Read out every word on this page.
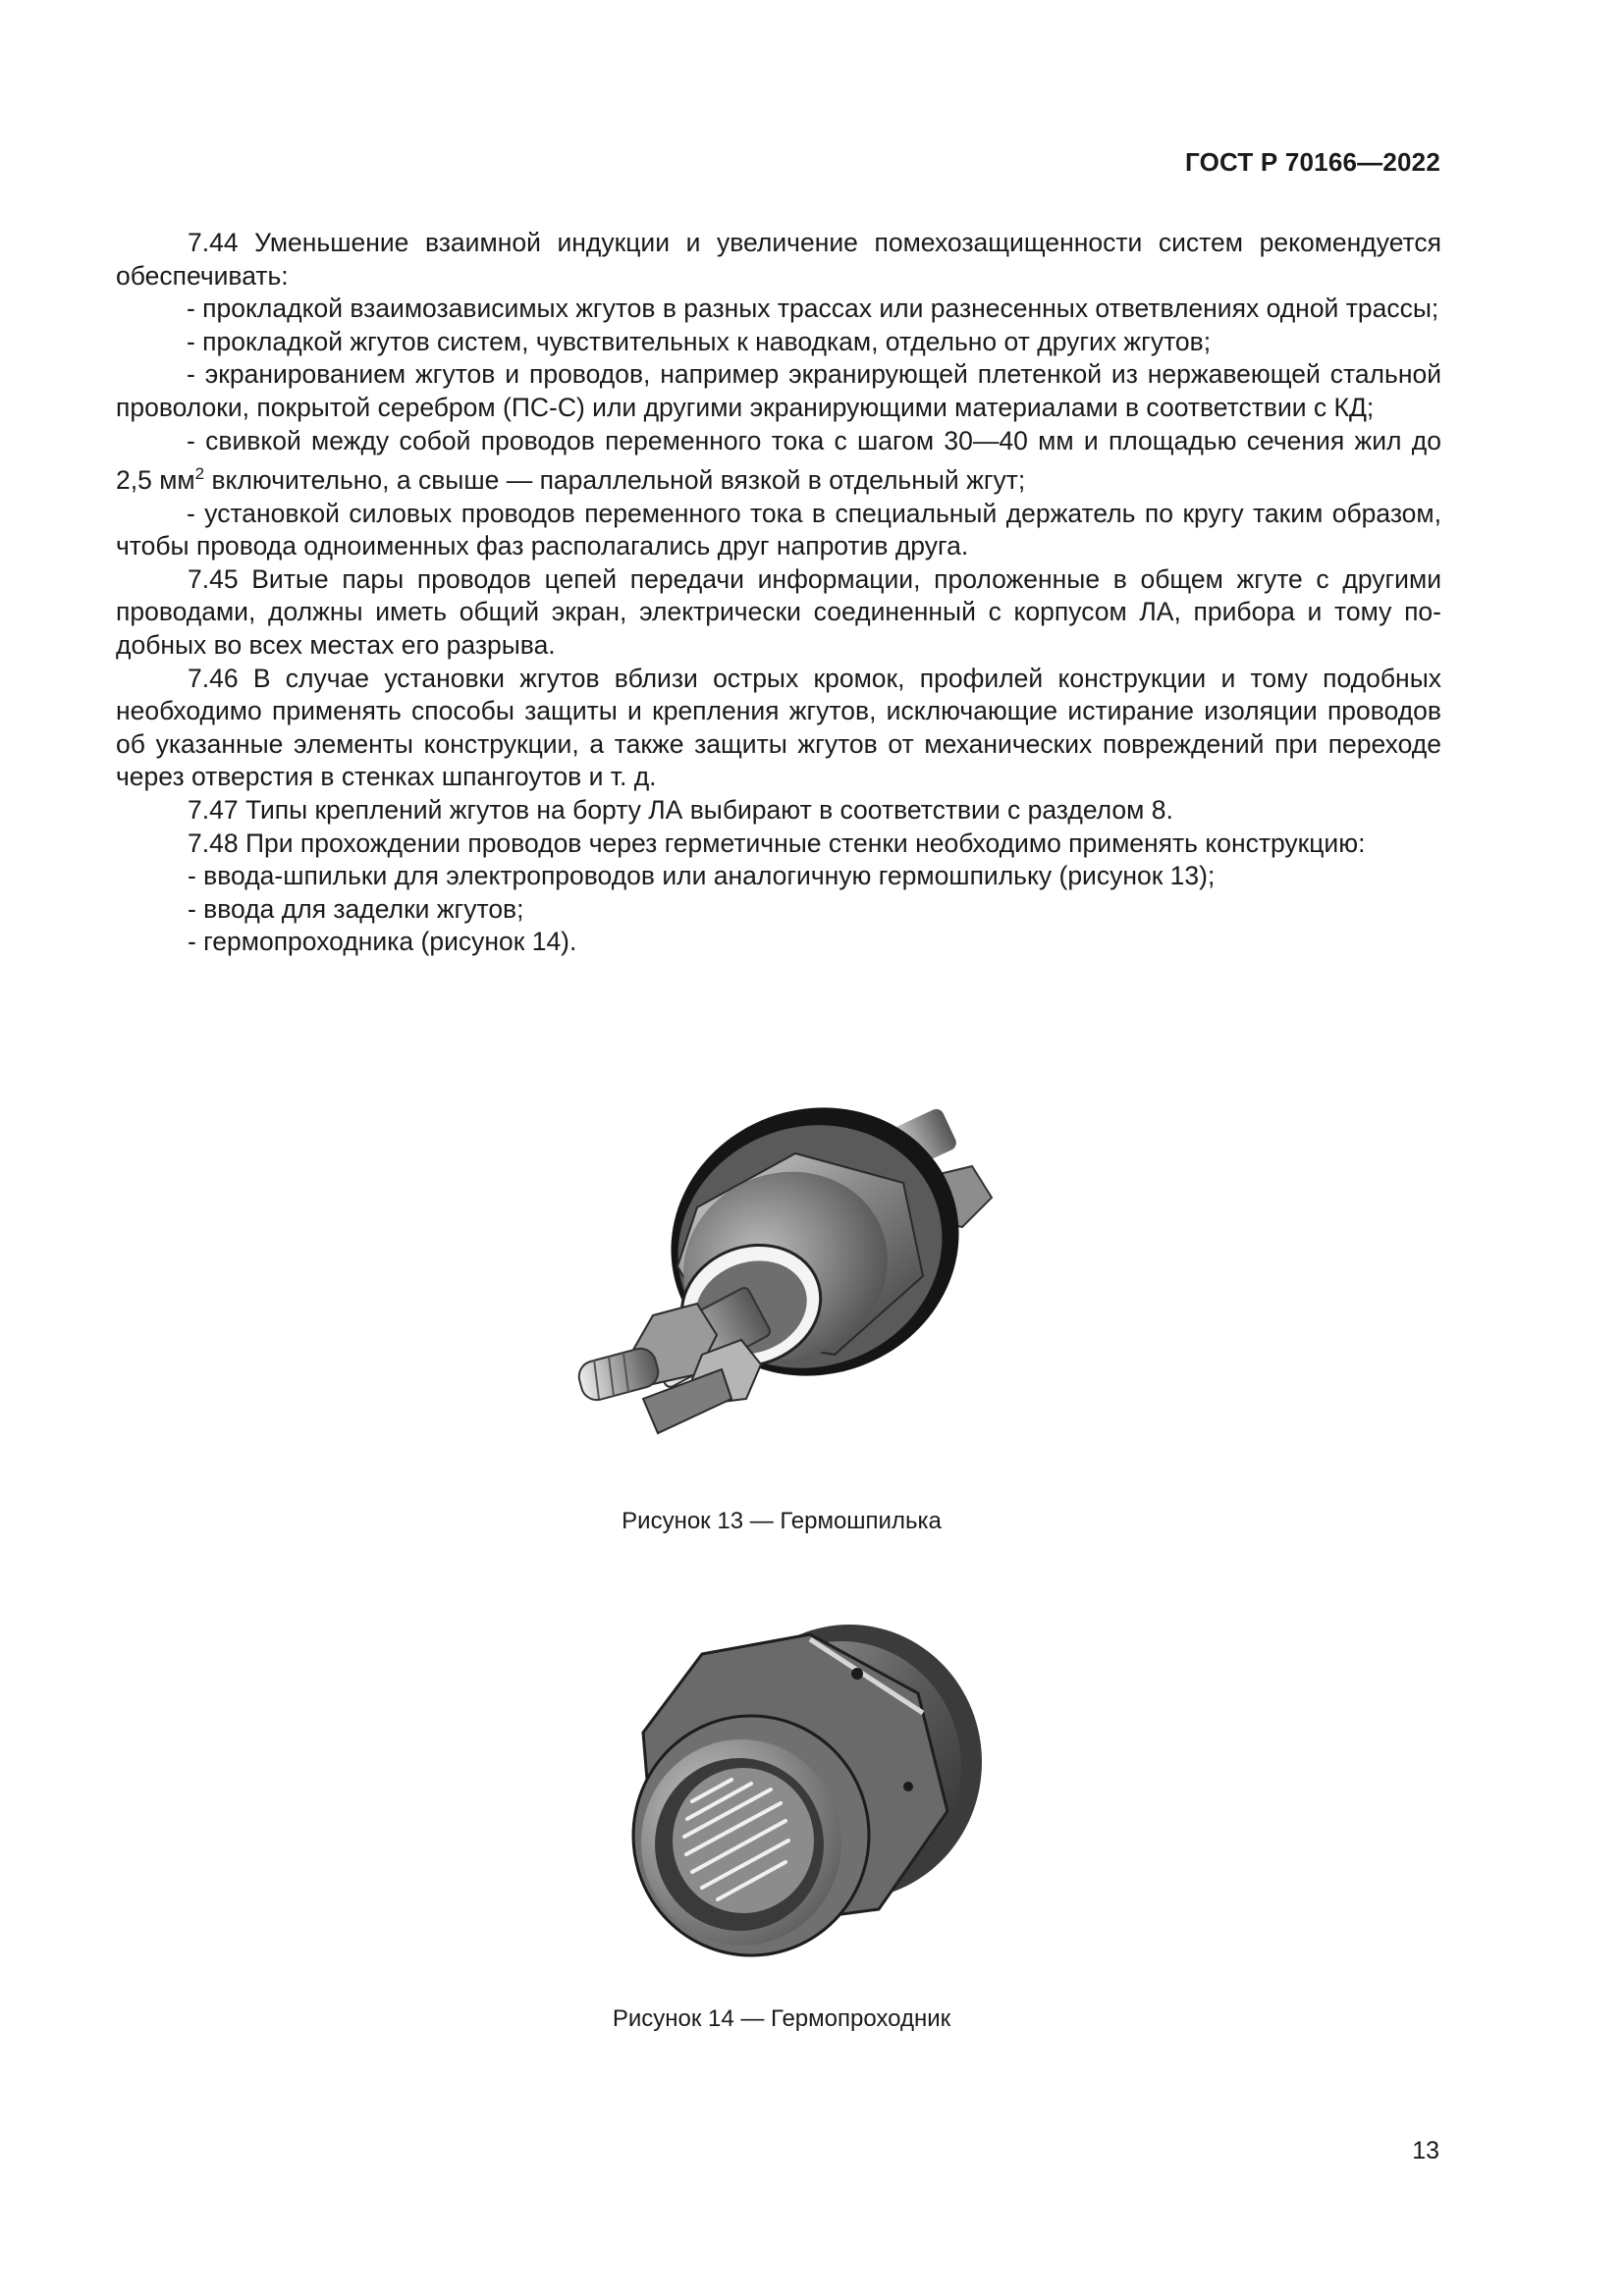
ГОСТ Р 70166—2022

7.44 Уменьшение взаимной индукции и увеличение помехозащищенности систем рекомендуется обеспечивать:

- прокладкой взаимозависимых жгутов в разных трассах или разнесенных ответвлениях одной трассы;

- прокладкой жгутов систем, чувствительных к наводкам, отдельно от других жгутов;

- экранированием жгутов и проводов, например экранирующей плетенкой из нержавеющей стальной проволоки, покрытой серебром (ПС-С) или другими экранирующими материалами в соответствии с КД;

- свивкой между собой проводов переменного тока с шагом 30—40 мм и площадью сечения жил до 2,5 $мм^2$ включительно, а свыше — параллельной вязкой в отдельный жгут;

- установкой силовых проводов переменного тока в специальный держатель по кругу таким образом, чтобы провода одноименных фаз располагались друг напротив друга.

7.45 Витые пары проводов цепей передачи информации, проложенные в общем жгуте с другими проводами, должны иметь общий экран, электрически соединенный с корпусом ЛА, прибора и тому подобных во всех местах его разрыва.

7.46 В случае установки жгутов вблизи острых кромок, профилей конструкции и тому подобных необходимо применять способы защиты и крепления жгутов, исключающие истирание изоляции проводов об указанные элементы конструкции, а также защиты жгутов от механических повреждений при переходе через отверстия в стенках шпангоутов и т. д.

7.47 Типы креплений жгутов на борту ЛА выбирают в соответствии с разделом 8.

7.48 При прохождении проводов через герметичные стенки необходимо применять конструкцию:

- ввода-шпильки для электропроводов или аналогичную гермошпильку (рисунок 13);

- ввода для заделки жгутов;

- гермопроходника (рисунок 14).

Рисунок 13 — Гермошпилька
Рисунок 14 — Гермопроходник
13
